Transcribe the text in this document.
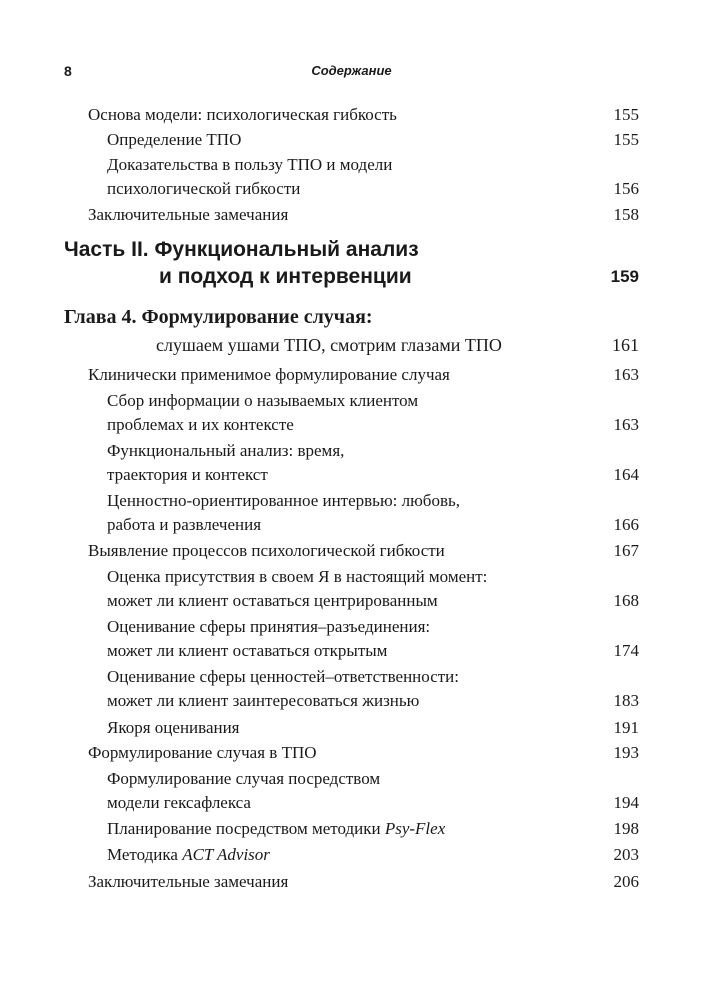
8	Содержание
Основа модели: психологическая гибкость	155
Определение ТПО	155
Доказательства в пользу ТПО и модели
психологической гибкости	156
Заключительные замечания	158
Часть II. Функциональный анализ
и подход к интервенции	159
Глава 4. Формулирование случая:
слушаем ушами ТПО, смотрим глазами ТПО	161
Клинически применимое формулирование случая	163
Сбор информации о называемых клиентом
проблемах и их контексте	163
Функциональный анализ: время,
траектория и контекст	164
Ценностно-ориентированное интервью: любовь,
работа и развлечения	166
Выявление процессов психологической гибкости	167
Оценка присутствия в своем Я в настоящий момент:
может ли клиент оставаться центрированным	168
Оценивание сферы принятия–разъединения:
может ли клиент оставаться открытым	174
Оценивание сферы ценностей–ответственности:
может ли клиент заинтересоваться жизнью	183
Якоря оценивания	191
Формулирование случая в ТПО	193
Формулирование случая посредством
модели гексафлекса	194
Планирование посредством методики Psy-Flex	198
Методика ACT Advisor	203
Заключительные замечания	206
